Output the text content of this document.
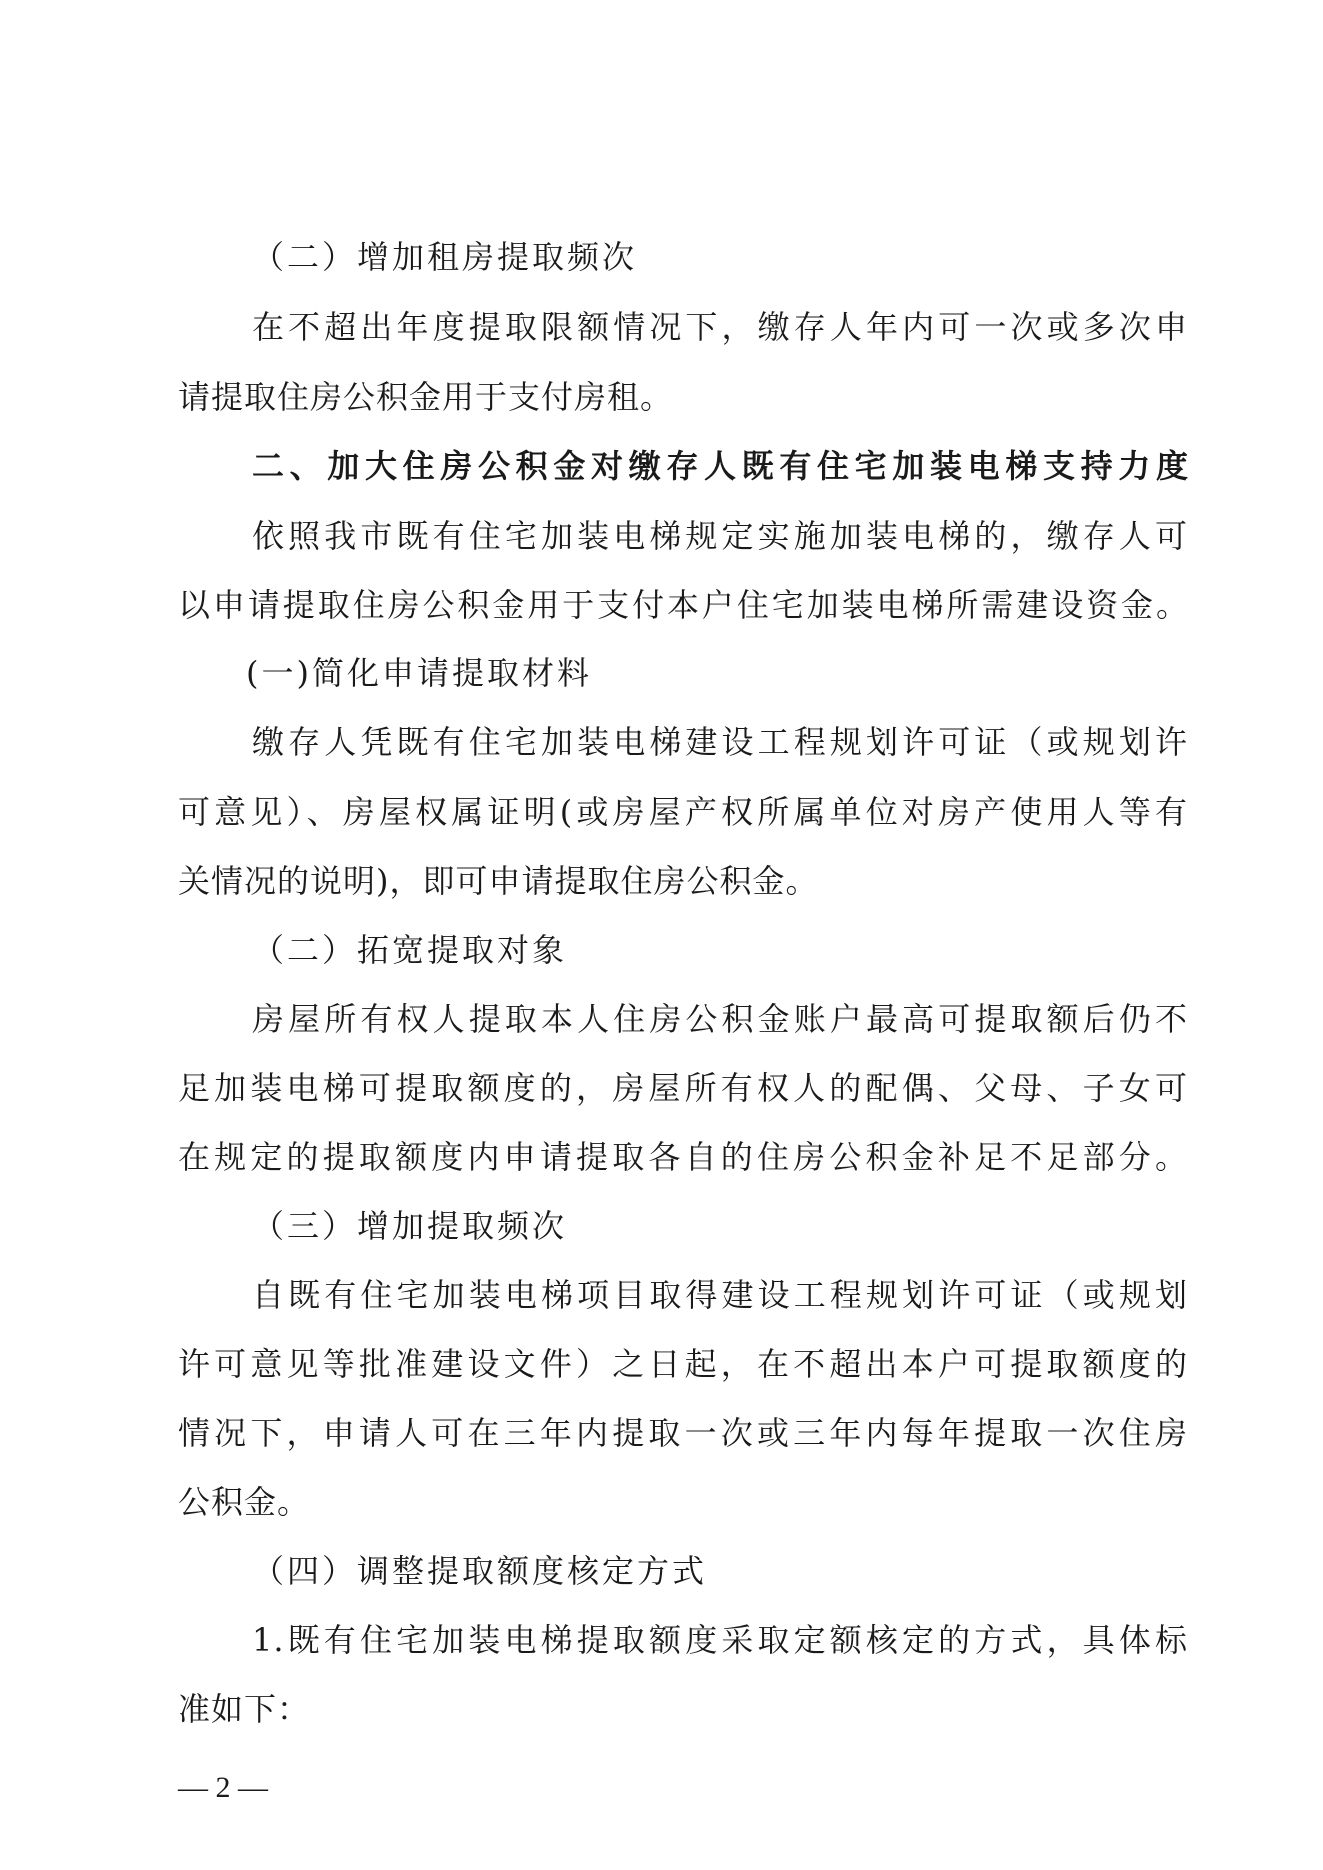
（二）增加租房提取频次
在不超出年度提取限额情况下，缴存人年内可一次或多次申
请提取住房公积金用于支付房租。
二、加大住房公积金对缴存人既有住宅加装电梯支持力度
依照我市既有住宅加装电梯规定实施加装电梯的，缴存人可
以申请提取住房公积金用于支付本户住宅加装电梯所需建设资金。
(一)简化申请提取材料
缴存人凭既有住宅加装电梯建设工程规划许可证（或规划许
可意见）、房屋权属证明(或房屋产权所属单位对房产使用人等有
关情况的说明)，即可申请提取住房公积金。
（二）拓宽提取对象
房屋所有权人提取本人住房公积金账户最高可提取额后仍不
足加装电梯可提取额度的，房屋所有权人的配偶、父母、子女可
在规定的提取额度内申请提取各自的住房公积金补足不足部分。
（三）增加提取频次
自既有住宅加装电梯项目取得建设工程规划许可证（或规划
许可意见等批准建设文件）之日起，在不超出本户可提取额度的
情况下，申请人可在三年内提取一次或三年内每年提取一次住房
公积金。
（四）调整提取额度核定方式
1.既有住宅加装电梯提取额度采取定额核定的方式，具体标
准如下：
— 2 —
